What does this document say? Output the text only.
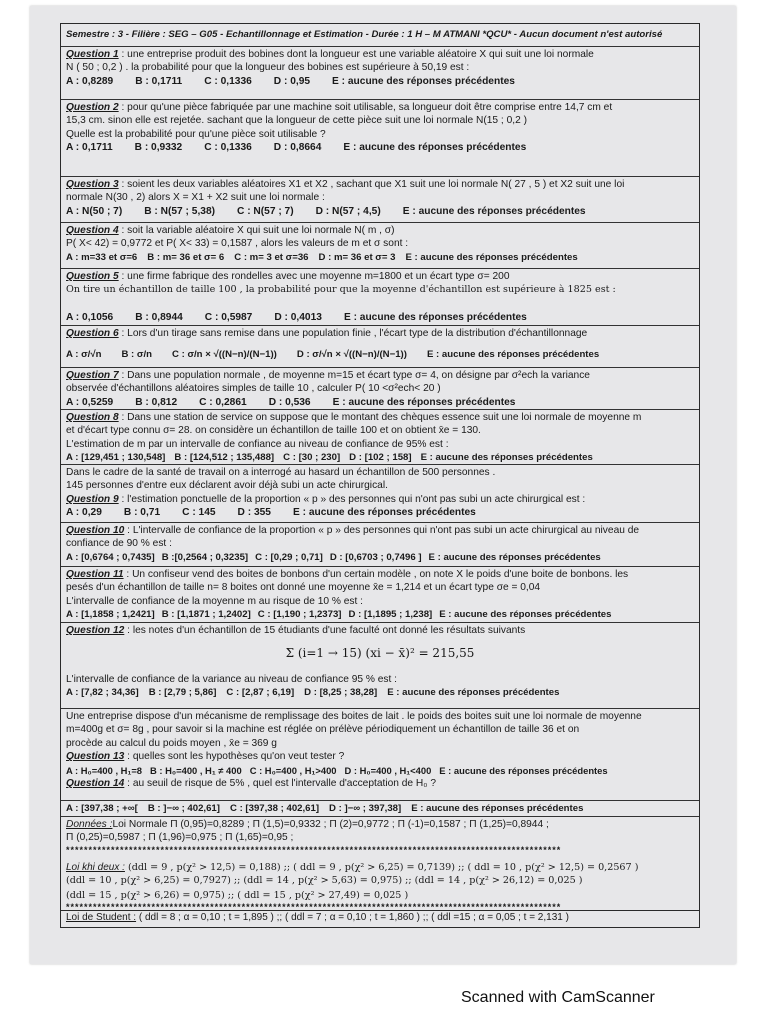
Semestre : 3 - Filière : SEG – G05 - Echantillonnage et Estimation - Durée : 1 H – M ATMANI *QCU* - Aucun document n'est autorisé
Question 1 : une entreprise produit des bobines dont la longueur est une variable aléatoire X qui suit une loi normale
N ( 50 ; 0,2 ) . la probabilité pour que la longueur des bobines est supérieure à 50,19 est :
A : 0,8289 B : 0,1711 C : 0,1336 D : 0,95 E : aucune des réponses précédentes
Question 2 : pour qu'une pièce fabriquée par une machine soit utilisable, sa longueur doit être comprise entre 14,7 cm et
15,3 cm. sinon elle est rejetée. sachant que la longueur de cette pièce suit une loi normale N(15 ; 0,2 )
Quelle est la probabilité pour qu'une pièce soit utilisable ?
A : 0,1711 B : 0,9332 C : 0,1336 D : 0,8664 E : aucune des réponses précédentes
Question 3 : soient les deux variables aléatoires X1 et X2 , sachant que X1 suit une loi normale N( 27 , 5 ) et X2 suit une loi
normale N(30 , 2) alors X = X1 + X2 suit une loi normale :
A : N(50 ; 7) B : N(57 ; 5,38) C : N(57 ; 7) D : N(57 ; 4,5) E : aucune des réponses précédentes
Question 4 : soit la variable aléatoire X qui suit une loi normale N( m , σ)
P( X< 42) = 0,9772 et P( X< 33) = 0,1587 , alors les valeurs de m et σ sont :
A : m=33 et σ=6 B : m= 36 et σ= 6 C : m= 3 et σ=36 D : m= 36 et σ= 3 E : aucune des réponses précédentes
Question 5 : une firme fabrique des rondelles avec une moyenne m=1800 et un écart type σ= 200
On tire un échantillon de taille 100 , la probabilité pour que la moyenne d'échantillon est supérieure à 1825 est :
A : 0,1056 B : 0,8944 C : 0,5987 D : 0,4013 E : aucune des réponses précédentes
Question 6 : Lors d'un tirage sans remise dans une population finie , l'écart type de la distribution d'échantillonnage
A : σ/√n B : σ/n C : σ/n × √((N−n)/(N−1)) D : σ/√n × √((N−n)/(N−1)) E : aucune des réponses précédentes
Question 7 : Dans une population normale , de moyenne m=15 et écart type σ= 4, on désigne par σ²ech la variance
observée d'échantillons aléatoires simples de taille 10 , calculer P( 10 <σ²ech< 20 )
A : 0,5259 B : 0,812 C : 0,2861 D : 0,536 E : aucune des réponses précédentes
Question 8 : Dans une station de service on suppose que le montant des chèques essence suit une loi normale de moyenne m
et d'écart type connu σ= 28. on considère un échantillon de taille 100 et on obtient x̄e = 130.
L'estimation de m par un intervalle de confiance au niveau de confiance de 95% est :
A : [129,451 ; 130,548] B : [124,512 ; 135,488] C : [30 ; 230] D : [102 ; 158] E : aucune des réponses précédentes
Dans le cadre de la santé de travail on a interrogé au hasard un échantillon de 500 personnes .
145 personnes d'entre eux déclarent avoir déjà subi un acte chirurgical.
Question 9 : l'estimation ponctuelle de la proportion « p » des personnes qui n'ont pas subi un acte chirurgical est :
A : 0,29 B : 0,71 C : 145 D : 355 E : aucune des réponses précédentes
Question 10 : L'intervalle de confiance de la proportion « p » des personnes qui n'ont pas subi un acte chirurgical au niveau de
confiance de 90 % est :
A : [0,6764 ; 0,7435] B :[0,2564 ; 0,3235] C : [0,29 ; 0,71] D : [0,6703 ; 0,7496 ] E : aucune des réponses précédentes
Question 11 : Un confiseur vend des boites de bonbons d'un certain modèle , on note X le poids d'une boite de bonbons. les
pesés d'un échantillon de taille n= 8 boites ont donné une moyenne x̄e = 1,214 et un écart type σe = 0,04
L'intervalle de confiance de la moyenne m au risque de 10 % est :
A : [1,1858 ; 1,2421] B : [1,1871 ; 1,2402] C : [1,190 ; 1,2373] D : [1,1895 ; 1,238] E : aucune des réponses précédentes
Question 12 : les notes d'un échantillon de 15 étudiants d'une faculté ont donné les résultats suivants
Σ (i=1 → 15) (xi − x̄)² = 215,55
L'intervalle de confiance de la variance au niveau de confiance 95 % est :
A : [7,82 ; 34,36] B : [2,79 ; 5,86] C : [2,87 ; 6,19] D : [8,25 ; 38,28] E : aucune des réponses précédentes
Une entreprise dispose d'un mécanisme de remplissage des boites de lait . le poids des boites suit une loi normale de moyenne
m=400g et σ= 8g , pour savoir si la machine est réglée on prélève périodiquement un échantillon de taille 36 et on
procède au calcul du poids moyen , x̄e = 369 g
Question 13 : quelles sont les hypothèses qu'on veut tester ?
A : H₀=400 , H₁=8 B : H₀=400 , H₁ ≠ 400 C : H₀=400 , H₁>400 D : H₀=400 , H₁<400 E : aucune des réponses précédentes
Question 14 : au seuil de risque de 5% , quel est l'intervalle d'acceptation de H₀ ?
A : [397,38 ; +∞[ B : ]−∞ ; 402,61] C : [397,38 ; 402,61] D : ]−∞ ; 397,38] E : aucune des réponses précédentes
Données :Loi Normale Π (0,95)=0,8289 ; Π (1,5)=0,9332 ; Π (2)=0,9772 ; Π (-1)=0,1587 ; Π (1,25)=0,8944 ;
Π (0,25)=0,5987 ; Π (1,96)=0,975 ; Π (1,65)=0,95 ;
**************************************************************************************************************
Loi khi deux : (ddl = 9 , p(χ² > 12,5) = 0,188) ;; ( ddl = 9 , p(χ² > 6,25) = 0,7139) ;; ( ddl = 10 , p(χ² > 12,5) = 0,2567 )
(ddl = 10 , p(χ² > 6,25) = 0,7927) ;; (ddl = 14 , p(χ² > 5,63) = 0,975) ;; (ddl = 14 , p(χ² > 26,12) = 0,025 )
(ddl = 15 , p(χ² > 6,26) = 0,975) ;; ( ddl = 15 , p(χ² > 27,49) = 0,025 )
**************************************************************************************************************
Loi de Student : ( ddl = 8 ; α = 0,10 ; t = 1,895 ) ;; ( ddl = 7 ; α = 0,10 ; t = 1,860 ) ;; ( ddl =15 ; α = 0,05 ; t = 2,131 )
Scanned with CamScanner
